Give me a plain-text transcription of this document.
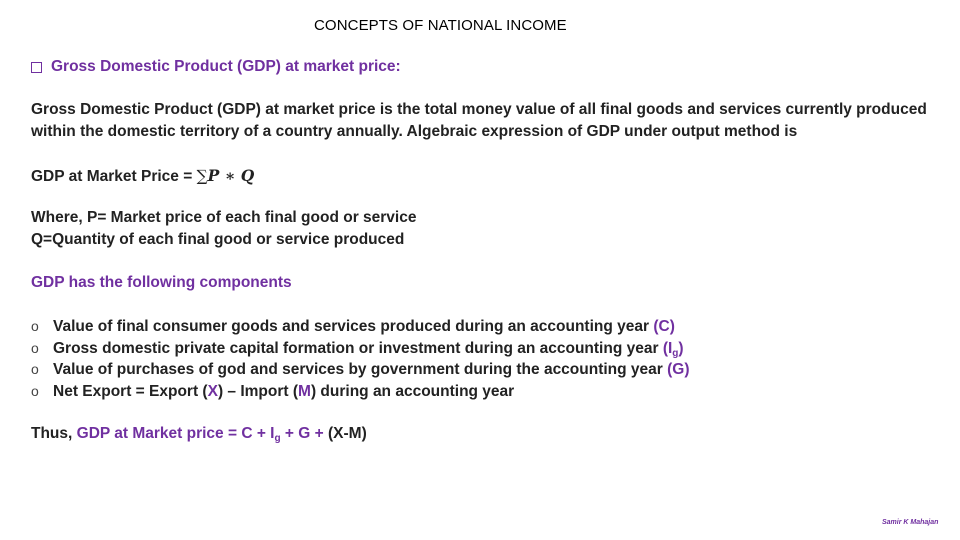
CONCEPTS OF NATIONAL INCOME
Gross Domestic Product (GDP) at market price:
Gross Domestic Product (GDP) at market price is the total money value of all final goods and services currently produced
within the domestic territory of a country annually. Algebraic expression of GDP under output method is
GDP at Market Price = ∑P ∗ Q
Where, P= Market price of each final good or service
Q=Quantity of each final good or service produced
GDP has the following components
o Value of final consumer goods and services produced during an accounting year (C)
o Gross domestic private capital formation or investment during an accounting year $(I_g)$
o Value of purchases of god and services by government during the accounting year (G)
o Net Export = Export (X) – Import (M) during an accounting year
Thus, GDP at Market price = $C + I_g + G + (X-M)$
Samir K Mahajan
